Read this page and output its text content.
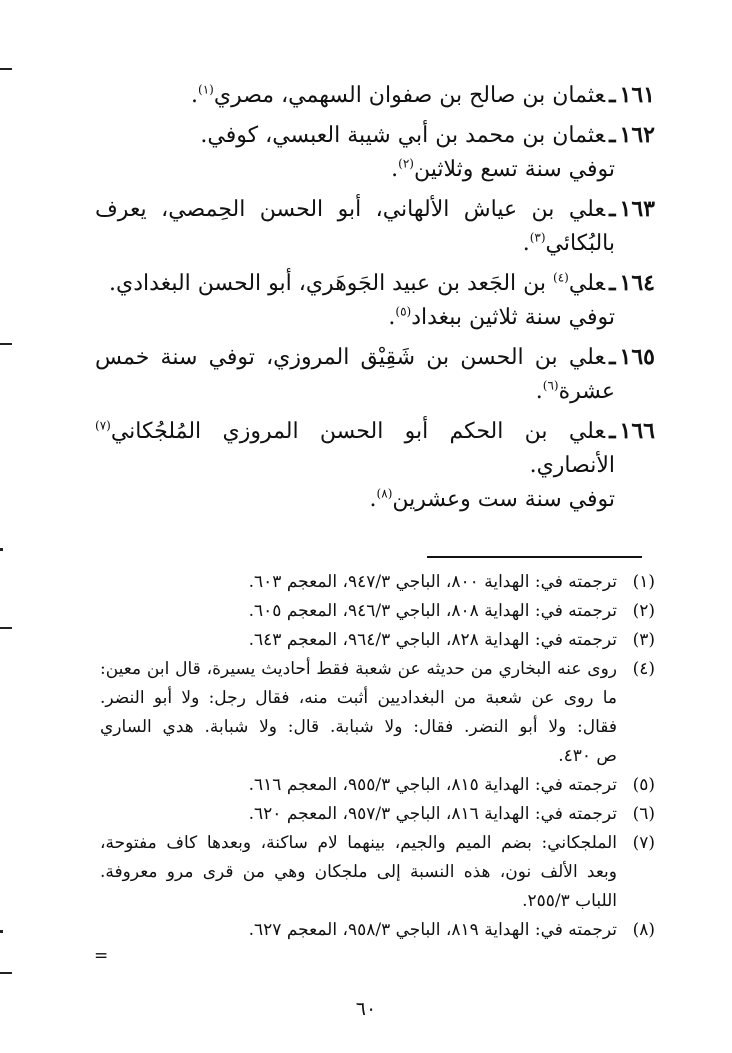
١٦١ـعثمان بن صالح بن صفوان السهمي، مصري$^{(١)}$.
١٦٢ـعثمان بن محمد بن أبي شيبة العبسي، كوفي.
توفي سنة تسع وثلاثين$^{(٢)}$.
١٦٣ـعلي بن عياش الألهاني، أبو الحسن الحِمصي، يعرف
بالبُكائي$^{(٣)}$.
١٦٤ـعلي$^{(٤)}$ بن الجَعد بن عبيد الجَوهَري، أبو الحسن البغدادي.
توفي سنة ثلاثين ببغداد$^{(٥)}$.
١٦٥ـعلي بن الحسن بن شَقِيْق المروزي، توفي سنة خمس
عشرة$^{(٦)}$.
١٦٦ـعلي بن الحكم أبو الحسن المروزي المُلجُكاني$^{(٧)}$
الأنصاري.
توفي سنة ست وعشرين$^{(٨)}$.
(١)
ترجمته في: الهداية ٨٠٠، الباجي ٩٤٧/٣، المعجم ٦٠٣.
(٢)
ترجمته في: الهداية ٨٠٨، الباجي ٩٤٦/٣، المعجم ٦٠٥.
(٣)
ترجمته في: الهداية ٨٢٨، الباجي ٩٦٤/٣، المعجم ٦٤٣.
(٤)
روى عنه البخاري من حديثه عن شعبة فقط أحاديث يسيرة، قال ابن معين:
ما روى عن شعبة من البغداديين أثبت منه، فقال رجل: ولا أبو النضر.
فقال: ولا أبو النضر. فقال: ولا شبابة. قال: ولا شبابة. هدي الساري
ص ٤٣٠.
(٥)
ترجمته في: الهداية ٨١٥، الباجي ٩٥٥/٣، المعجم ٦١٦.
(٦)
ترجمته في: الهداية ٨١٦، الباجي ٩٥٧/٣، المعجم ٦٢٠.
(٧)
الملجكاني: بضم الميم والجيم، بينهما لام ساكنة، وبعدها كاف مفتوحة،
وبعد الألف نون، هذه النسبة إلى ملجكان وهي من قرى مرو معروفة.
اللباب ٢٥٥/٣.
(٨)
ترجمته في: الهداية ٨١٩، الباجي ٩٥٨/٣، المعجم ٦٢٧.
=
٦٠
